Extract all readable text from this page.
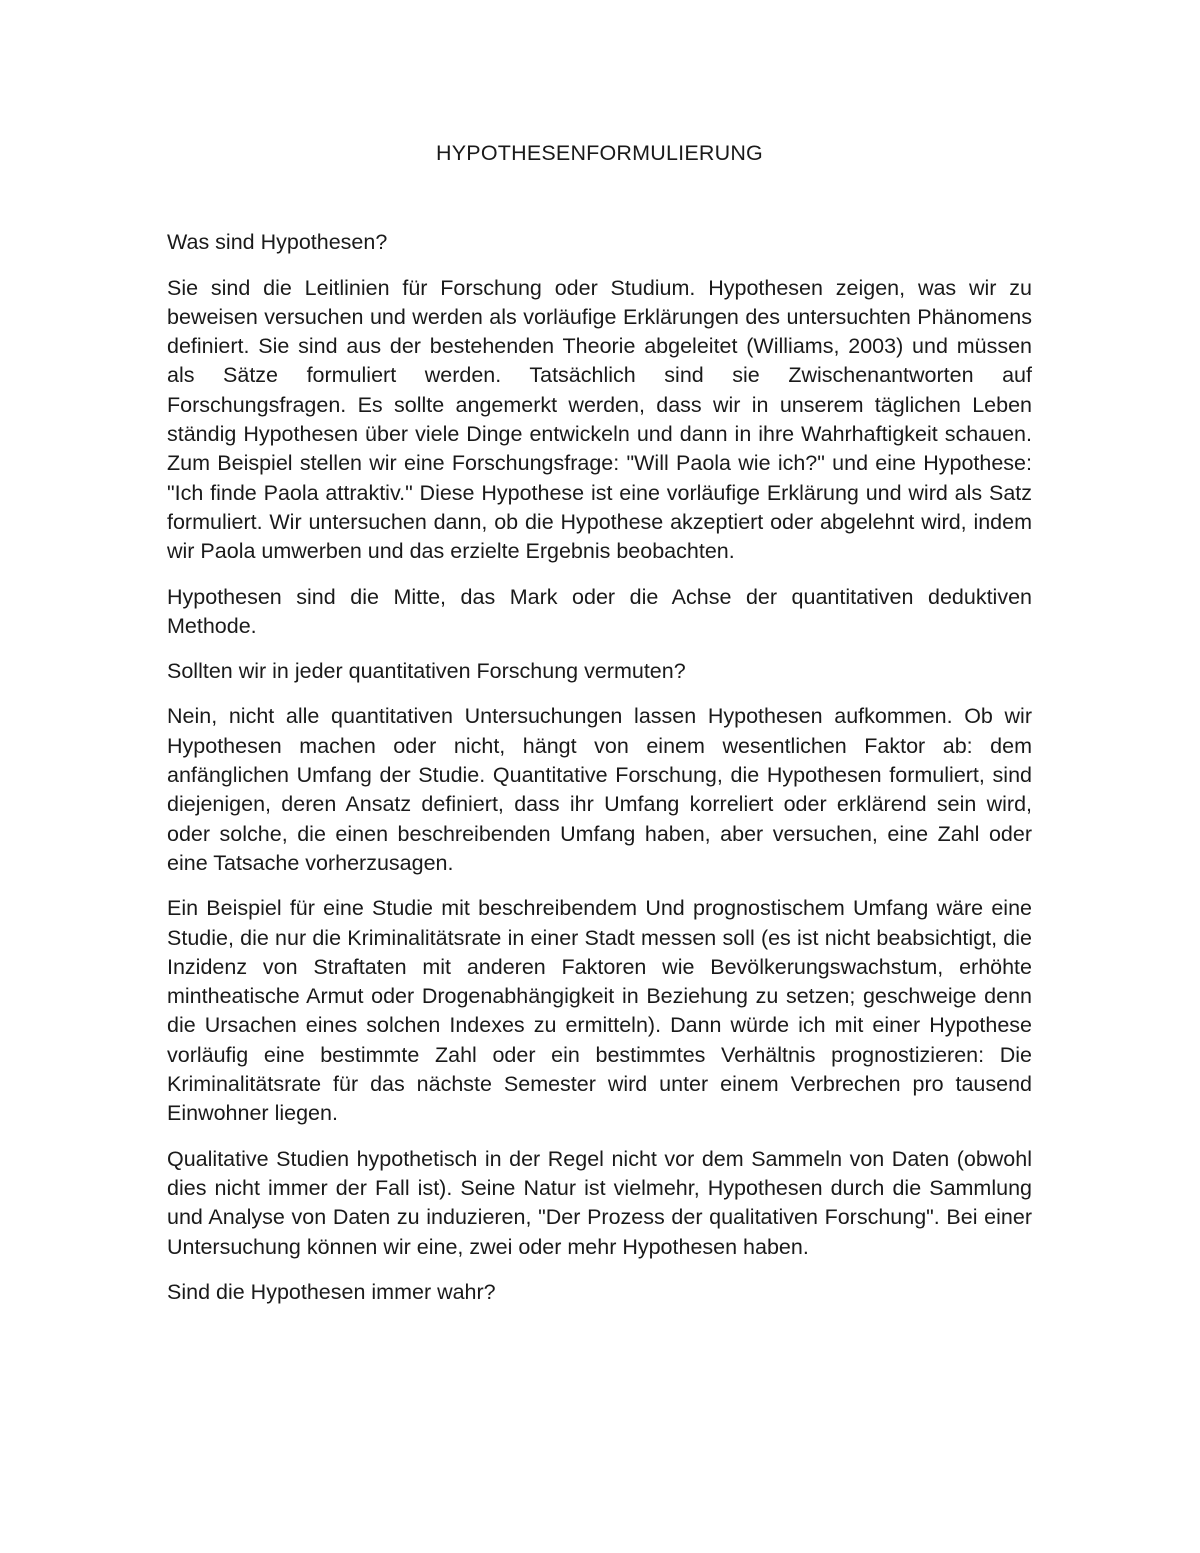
HYPOTHESENFORMULIERUNG

Was sind Hypothesen?

Sie sind die Leitlinien für Forschung oder Studium. Hypothesen zeigen, was wir zu beweisen versuchen und werden als vorläufige Erklärungen des untersuchten Phänomens definiert. Sie sind aus der bestehenden Theorie abgeleitet (Williams, 2003) und müssen als Sätze formuliert werden. Tatsächlich sind sie Zwischenantworten auf Forschungsfragen. Es sollte angemerkt werden, dass wir in unserem täglichen Leben ständig Hypothesen über viele Dinge entwickeln und dann in ihre Wahrhaftigkeit schauen. Zum Beispiel stellen wir eine Forschungsfrage: "Will Paola wie ich?" und eine Hypothese: "Ich finde Paola attraktiv." Diese Hypothese ist eine vorläufige Erklärung und wird als Satz formuliert. Wir untersuchen dann, ob die Hypothese akzeptiert oder abgelehnt wird, indem wir Paola umwerben und das erzielte Ergebnis beobachten.

Hypothesen sind die Mitte, das Mark oder die Achse der quantitativen deduktiven Methode.

Sollten wir in jeder quantitativen Forschung vermuten?

Nein, nicht alle quantitativen Untersuchungen lassen Hypothesen aufkommen. Ob wir Hypothesen machen oder nicht, hängt von einem wesentlichen Faktor ab: dem anfänglichen Umfang der Studie. Quantitative Forschung, die Hypothesen formuliert, sind diejenigen, deren Ansatz definiert, dass ihr Umfang korreliert oder erklärend sein wird, oder solche, die einen beschreibenden Umfang haben, aber versuchen, eine Zahl oder eine Tatsache vorherzusagen.

Ein Beispiel für eine Studie mit beschreibendem Und prognostischem Umfang wäre eine Studie, die nur die Kriminalitätsrate in einer Stadt messen soll (es ist nicht beabsichtigt, die Inzidenz von Straftaten mit anderen Faktoren wie Bevölkerungswachstum, erhöhte mintheatische Armut oder Drogenabhängigkeit in Beziehung zu setzen; geschweige denn die Ursachen eines solchen Indexes zu ermitteln). Dann würde ich mit einer Hypothese vorläufig eine bestimmte Zahl oder ein bestimmtes Verhältnis prognostizieren: Die Kriminalitätsrate für das nächste Semester wird unter einem Verbrechen pro tausend Einwohner liegen.

Qualitative Studien hypothetisch in der Regel nicht vor dem Sammeln von Daten (obwohl dies nicht immer der Fall ist). Seine Natur ist vielmehr, Hypothesen durch die Sammlung und Analyse von Daten zu induzieren, "Der Prozess der qualitativen Forschung". Bei einer Untersuchung können wir eine, zwei oder mehr Hypothesen haben.

Sind die Hypothesen immer wahr?
